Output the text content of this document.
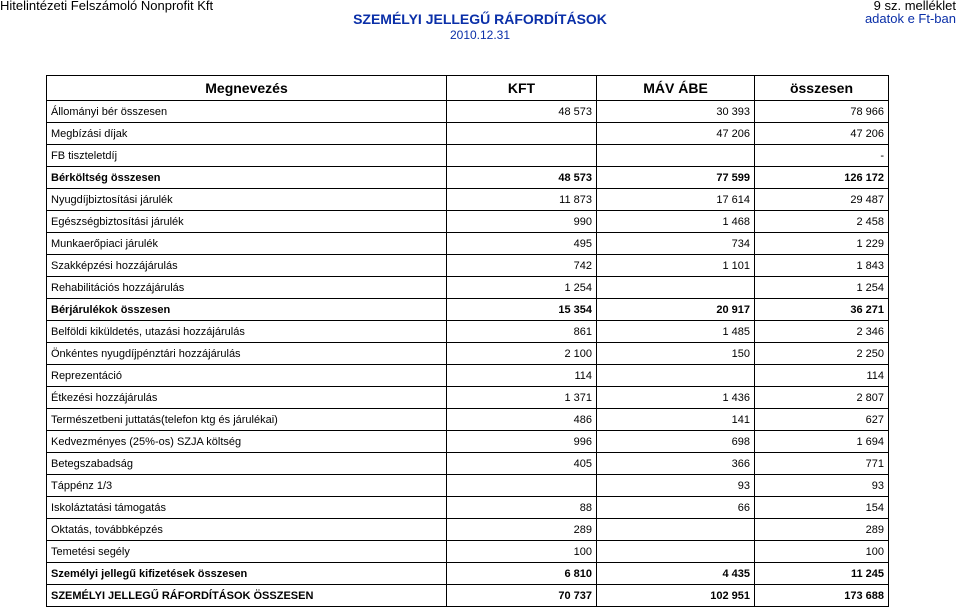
Hitelintézeti Felszámoló Nonprofit Kft	9 sz. melléklet
SZEMÉLYI JELLEGŰ RÁFORDÍTÁSOK	adatok e Ft-ban
2010.12.31
Megnevezés	KFT	MÁV ÁBE	összesen
Állományi bér összesen	48 573	30 393	78 966
Megbízási díjak		47 206	47 206
FB tiszteletdíj			-
Bérköltség összesen	48 573	77 599	126 172
Nyugdíjbiztosítási járulék	11 873	17 614	29 487
Egészségbiztosítási járulék	990	1 468	2 458
Munkaerőpiaci járulék	495	734	1 229
Szakképzési hozzájárulás	742	1 101	1 843
Rehabilitációs hozzájárulás	1 254		1 254
Bérjárulékok összesen	15 354	20 917	36 271
Belföldi kiküldetés, utazási hozzájárulás	861	1 485	2 346
Önkéntes nyugdíjpénztári hozzájárulás	2 100	150	2 250
Reprezentáció	114		114
Étkezési hozzájárulás	1 371	1 436	2 807
Természetbeni juttatás(telefon ktg és járulékai)	486	141	627
Kedvezményes (25%-os) SZJA költség	996	698	1 694
Betegszabadság	405	366	771
Táppénz 1/3		93	93
Iskoláztatási támogatás	88	66	154
Oktatás, továbbképzés	289		289
Temetési segély	100		100
Személyi jellegű kifizetések összesen	6 810	4 435	11 245
SZEMÉLYI JELLEGŰ RÁFORDÍTÁSOK ÖSSZESEN	70 737	102 951	173 688
